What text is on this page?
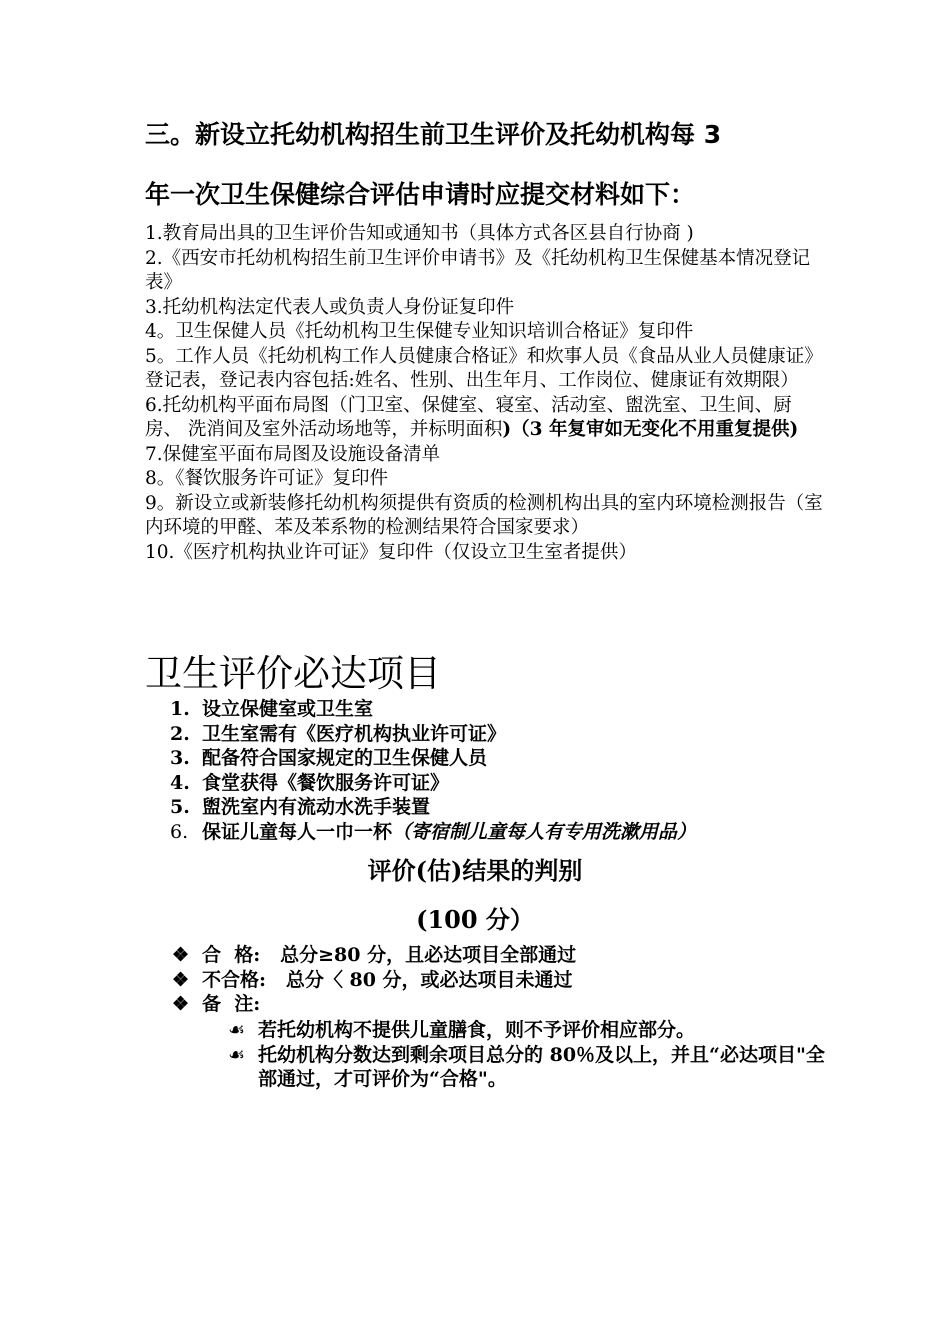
三。新设立托幼机构招生前卫生评价及托幼机构每 3
年一次卫生保健综合评估申请时应提交材料如下：

1.教育局出具的卫生评价告知或通知书（具体方式各区县自行协商 )

2.《西安市托幼机构招生前卫生评价申请书》及《托幼机构卫生保健基本情况登记表》

3.托幼机构法定代表人或负责人身份证复印件

4。卫生保健人员《托幼机构卫生保健专业知识培训合格证》复印件

5。工作人员《托幼机构工作人员健康合格证》和炊事人员《食品从业人员健康证》登记表，登记表内容包括:姓名、性别、出生年月、工作岗位、健康证有效期限）

6.托幼机构平面布局图（门卫室、保健室、寝室、活动室、盥洗室、卫生间、厨房、 洗消间及室外活动场地等，并标明面积)（3 年复审如无变化不用重复提供)

7.保健室平面布局图及设施设备清单

8。《餐饮服务许可证》复印件

9。新设立或新装修托幼机构须提供有资质的检测机构出具的室内环境检测报告（室内环境的甲醛、苯及苯系物的检测结果符合国家要求）

10.《医疗机构执业许可证》复印件（仅设立卫生室者提供）

卫生评价必达项目
1. 设立保健室或卫生室
2. 卫生室需有《医疗机构执业许可证》
3. 配备符合国家规定的卫生保健人员
4. 食堂获得《餐饮服务许可证》
5. 盥洗室内有流动水洗手装置
6. 保证儿童每人一巾一杯 （寄宿制儿童每人有专用洗漱用品）
评价(估)结果的判别
(100 分）
❖ 合  格:   总分≥80 分，且必达项目全部通过
❖ 不合格:   总分〈 80 分，或必达项目未通过
❖ 备  注:
☙ 若托幼机构不提供儿童膳食，则不予评价相应部分。
☙ 托幼机构分数达到剩余项目总分的 80％及以上，并且“必达项目"全部通过，才可评价为“合格"。
